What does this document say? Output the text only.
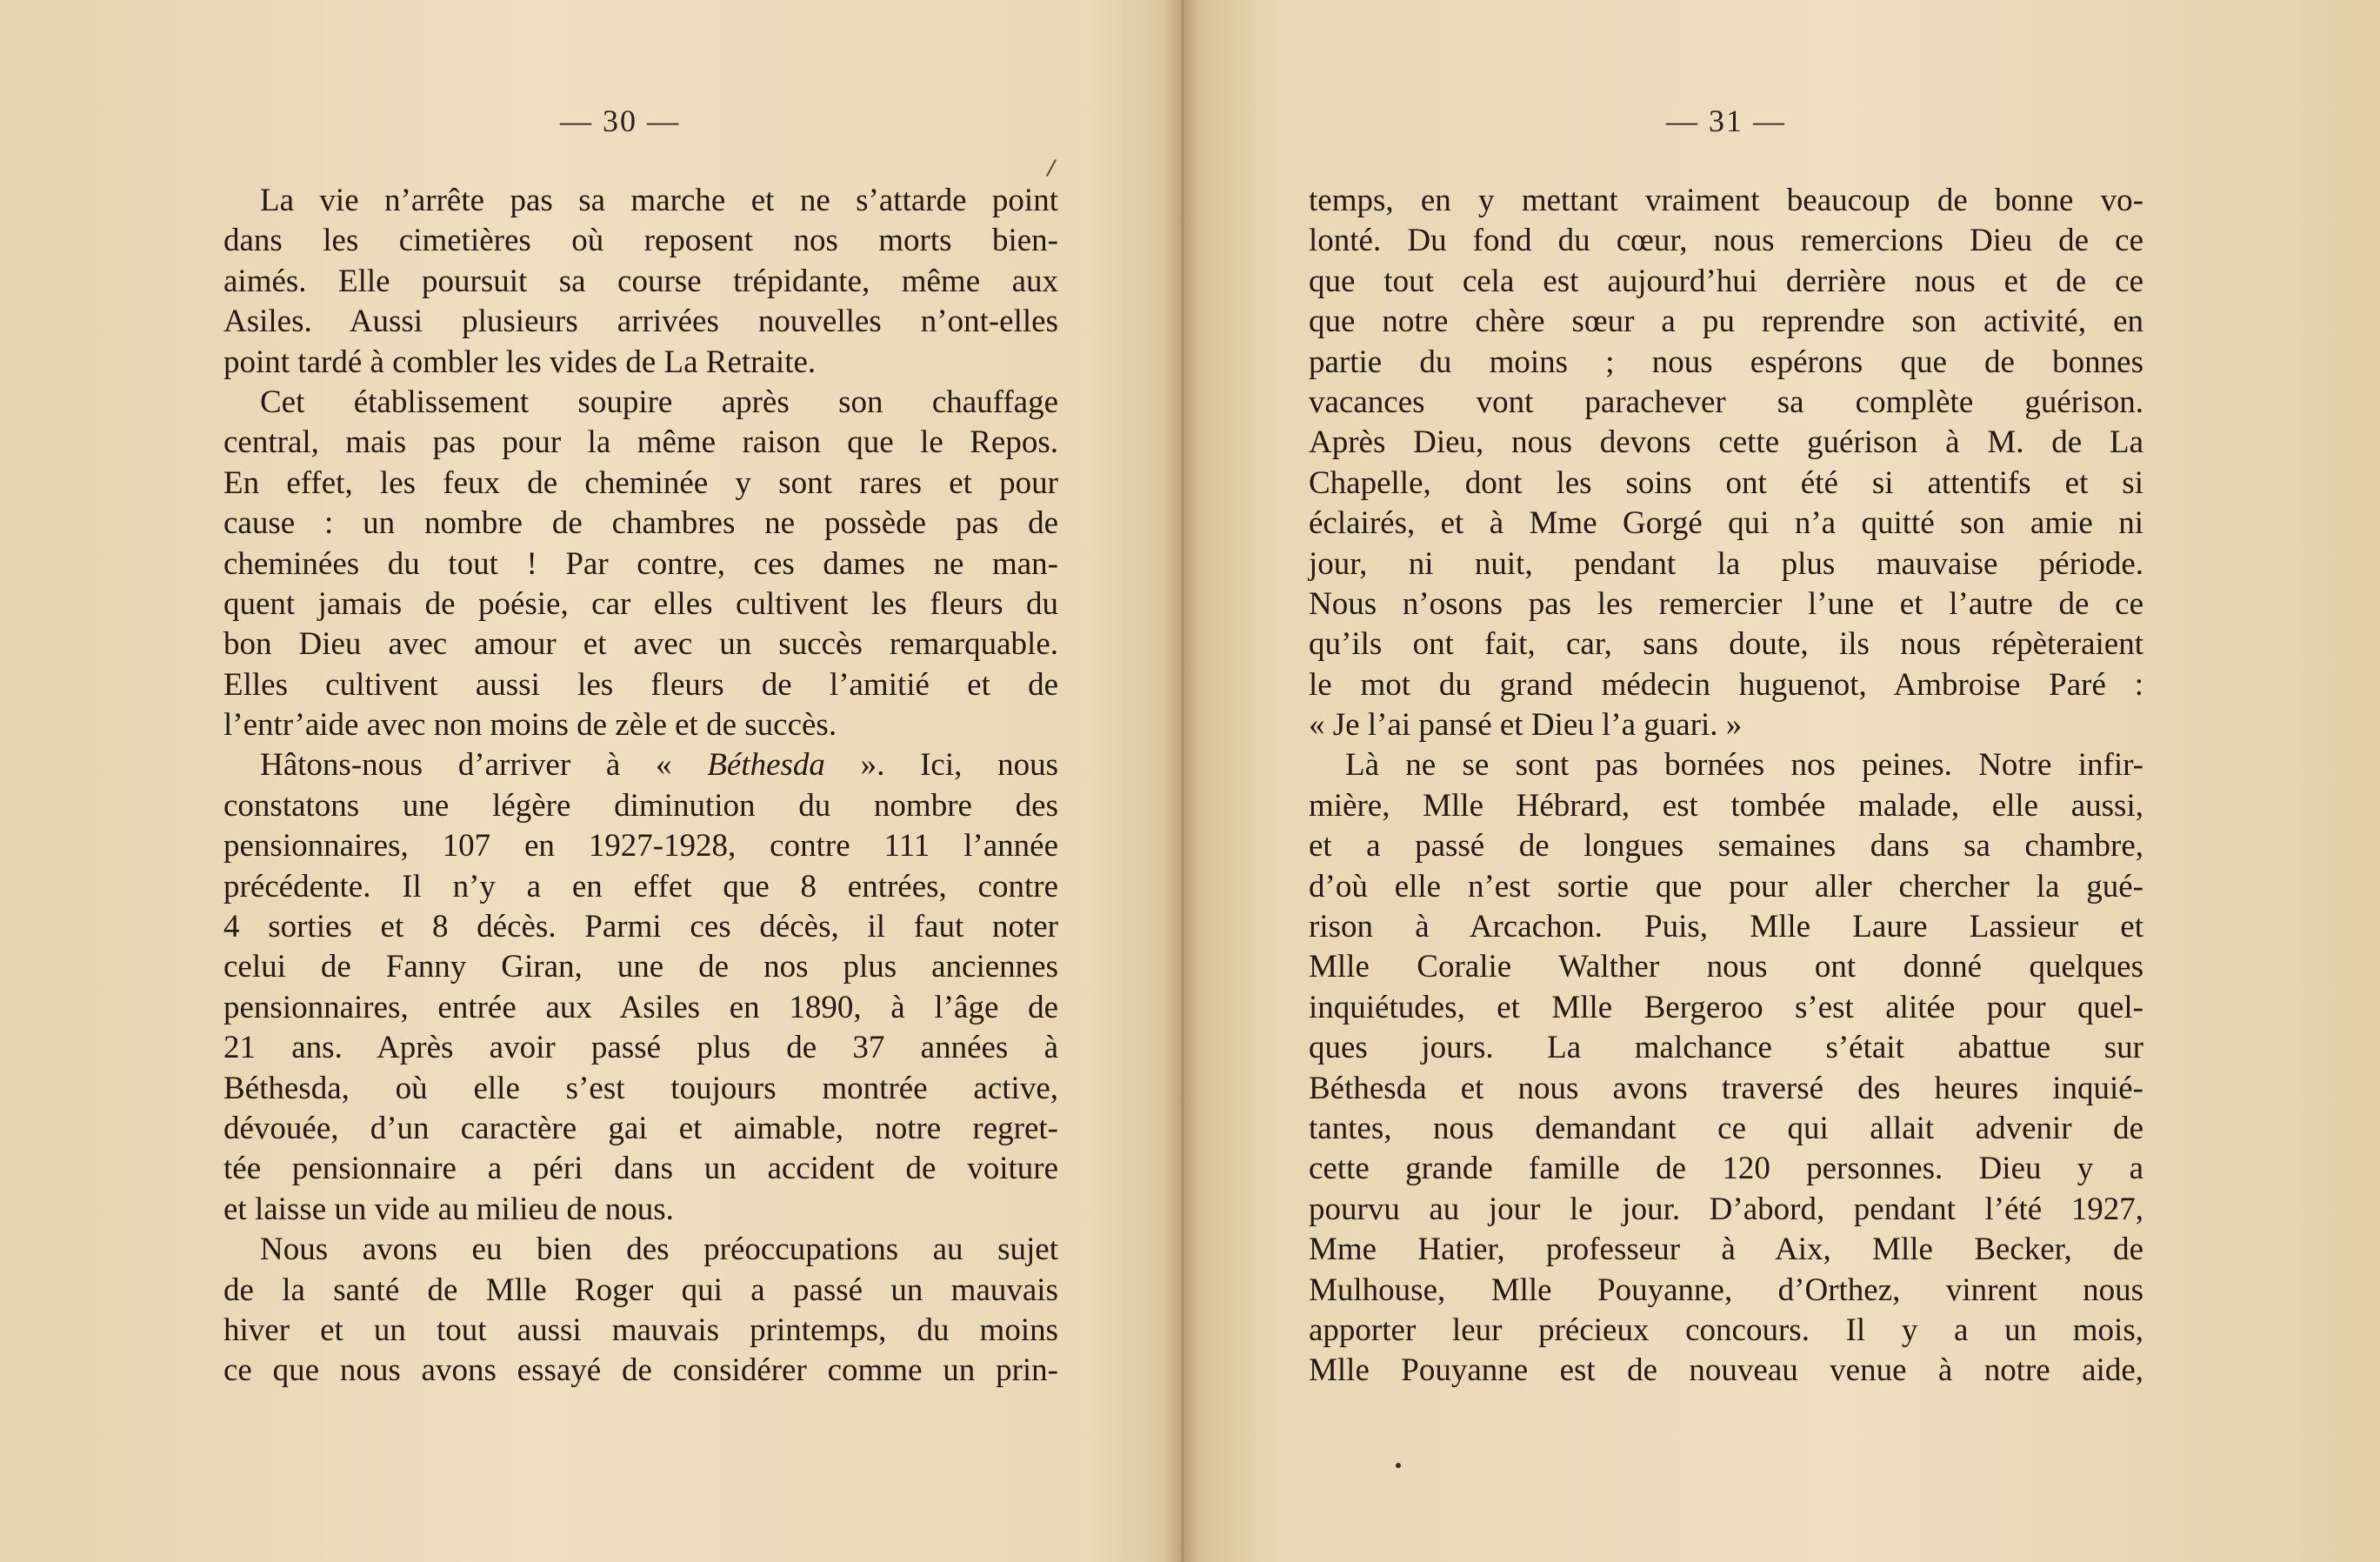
— 30 —
La vie n’arrête pas sa marche et ne s’attarde point
dans les cimetières où reposent nos morts bien-
aimés. Elle poursuit sa course trépidante, même aux
Asiles. Aussi plusieurs arrivées nouvelles n’ont-elles
point tardé à combler les vides de La Retraite.
Cet établissement soupire après son chauffage
central, mais pas pour la même raison que le Repos.
En effet, les feux de cheminée y sont rares et pour
cause : un nombre de chambres ne possède pas de
cheminées du tout ! Par contre, ces dames ne man-
quent jamais de poésie, car elles cultivent les fleurs du
bon Dieu avec amour et avec un succès remarquable.
Elles cultivent aussi les fleurs de l’amitié et de
l’entr’aide avec non moins de zèle et de succès.
Hâtons-nous d’arriver à « Béthesda ». Ici, nous
constatons une légère diminution du nombre des
pensionnaires, 107 en 1927-1928, contre 111 l’année
précédente. Il n’y a en effet que 8 entrées, contre
4 sorties et 8 décès. Parmi ces décès, il faut noter
celui de Fanny Giran, une de nos plus anciennes
pensionnaires, entrée aux Asiles en 1890, à l’âge de
21 ans. Après avoir passé plus de 37 années à
Béthesda, où elle s’est toujours montrée active,
dévouée, d’un caractère gai et aimable, notre regret-
tée pensionnaire a péri dans un accident de voiture
et laisse un vide au milieu de nous.
Nous avons eu bien des préoccupations au sujet
de la santé de Mlle Roger qui a passé un mauvais
hiver et un tout aussi mauvais printemps, du moins
ce que nous avons essayé de considérer comme un prin-
— 31 —
temps, en y mettant vraiment beaucoup de bonne vo-
lonté. Du fond du cœur, nous remercions Dieu de ce
que tout cela est aujourd’hui derrière nous et de ce
que notre chère sœur a pu reprendre son activité, en
partie du moins ; nous espérons que de bonnes
vacances vont parachever sa complète guérison.
Après Dieu, nous devons cette guérison à M. de La
Chapelle, dont les soins ont été si attentifs et si
éclairés, et à Mme Gorgé qui n’a quitté son amie ni
jour, ni nuit, pendant la plus mauvaise période.
Nous n’osons pas les remercier l’une et l’autre de ce
qu’ils ont fait, car, sans doute, ils nous répèteraient
le mot du grand médecin huguenot, Ambroise Paré :
« Je l’ai pansé et Dieu l’a guari. »
Là ne se sont pas bornées nos peines. Notre infir-
mière, Mlle Hébrard, est tombée malade, elle aussi,
et a passé de longues semaines dans sa chambre,
d’où elle n’est sortie que pour aller chercher la gué-
rison à Arcachon. Puis, Mlle Laure Lassieur et
Mlle Coralie Walther nous ont donné quelques
inquiétudes, et Mlle Bergeroo s’est alitée pour quel-
ques jours. La malchance s’était abattue sur
Béthesda et nous avons traversé des heures inquié-
tantes, nous demandant ce qui allait advenir de
cette grande famille de 120 personnes. Dieu y a
pourvu au jour le jour. D’abord, pendant l’été 1927,
Mme Hatier, professeur à Aix, Mlle Becker, de
Mulhouse, Mlle Pouyanne, d’Orthez, vinrent nous
apporter leur précieux concours. Il y a un mois,
Mlle Pouyanne est de nouveau venue à notre aide,
